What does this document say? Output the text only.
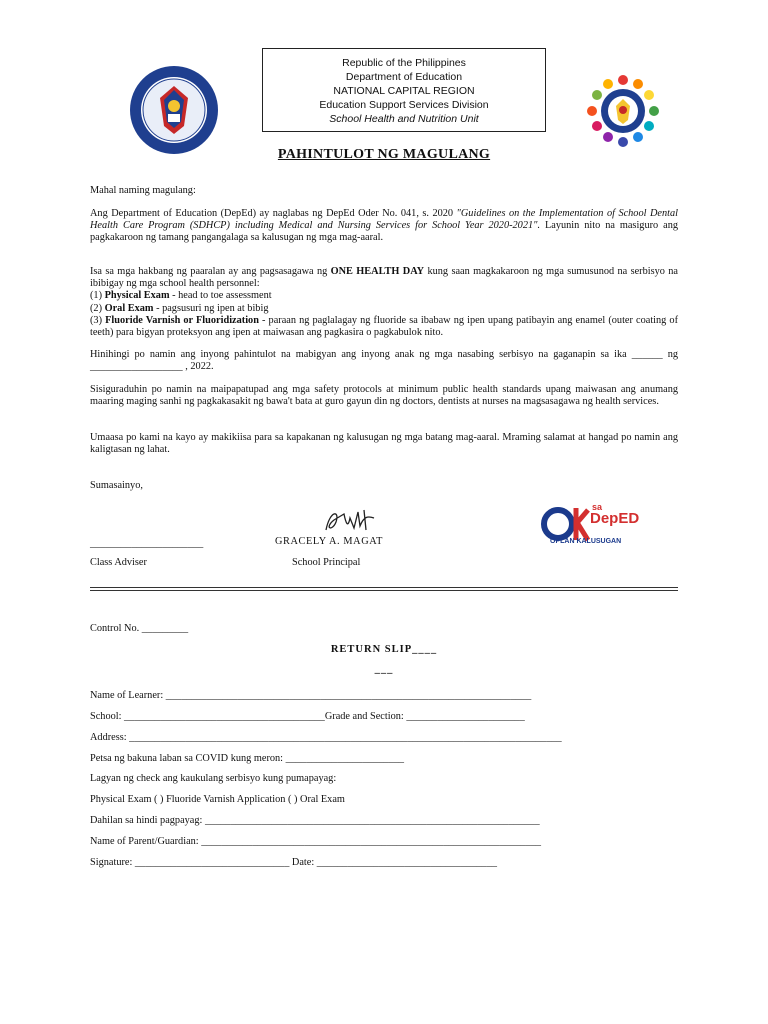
Republic of the Philippines
Department of Education
NATIONAL CAPITAL REGION
Education Support Services Division
School Health and Nutrition Unit
PAHINTULOT NG MAGULANG
Mahal naming magulang:
Ang Department of Education (DepEd) ay naglabas ng DepEd Oder No. 041, s. 2020 "Guidelines on the Implementation of School Dental Health Care Program (SDHCP) including Medical and Nursing Services for School Year 2020-2021". Layunin nito na masiguro ang pagkakaroon ng tamang pangangalaga sa kalusugan ng mga mag-aaral.
Isa sa mga hakbang ng paaralan ay ang pagsasagawa ng ONE HEALTH DAY kung saan magkakaroon ng mga sumusunod na serbisyo na ibibigay ng mga school health personnel:
(1) Physical Exam - head to toe assessment
(2) Oral Exam - pagsusuri ng ipen at bibig
(3) Fluoride Varnish or Fluoridization - paraan ng paglalagay ng fluoride sa ibabaw ng ipen upang patibayin ang enamel (outer coating of teeth) para bigyan proteksyon ang ipen at maiwasan ang pagkasira o pagkabulok nito.
Hinihingi po namin ang inyong pahintulot na mabigyan ang inyong anak ng mga nasabing serbisyo na gaganapin sa ika ______ ng __________________ , 2022.
Sisiguraduhin po namin na maipapatupad ang mga safety protocols at minimum public health standards upang maiwasan ang anumang maaring maging sanhi ng pagkakasakit ng bawa't bata at guro gayun din ng doctors, dentists at nurses na magsasagawa ng health services.
Umaasa po kami na kayo ay makikiisa para sa kapakanan ng kalusugan ng mga batang mag-aaral. Mraming salamat at hangad po namin ang kaligtasan ng lahat.
Sumasainyo,
______________________	GRACELY A. MAGAT
Class Adviser	School Principal
sa
DepED
OPLAN KALUSUGAN
Control No. _________
RETURN SLIP____
___
Name of Learner: _______________________________________________________________________
School: _______________________________________Grade and Section: _______________________
Address: ____________________________________________________________________________________
Petsa ng bakuna laban sa COVID kung meron: _______________________
Lagyan ng check ang kaukulang serbisyo kung pumapayag:
Physical Exam ( ) Fluoride Varnish Application ( ) Oral Exam
Dahilan sa hindi pagpayag: _________________________________________________________________
Name of Parent/Guardian: __________________________________________________________________
Signature: ______________________________ Date: ___________________________________
